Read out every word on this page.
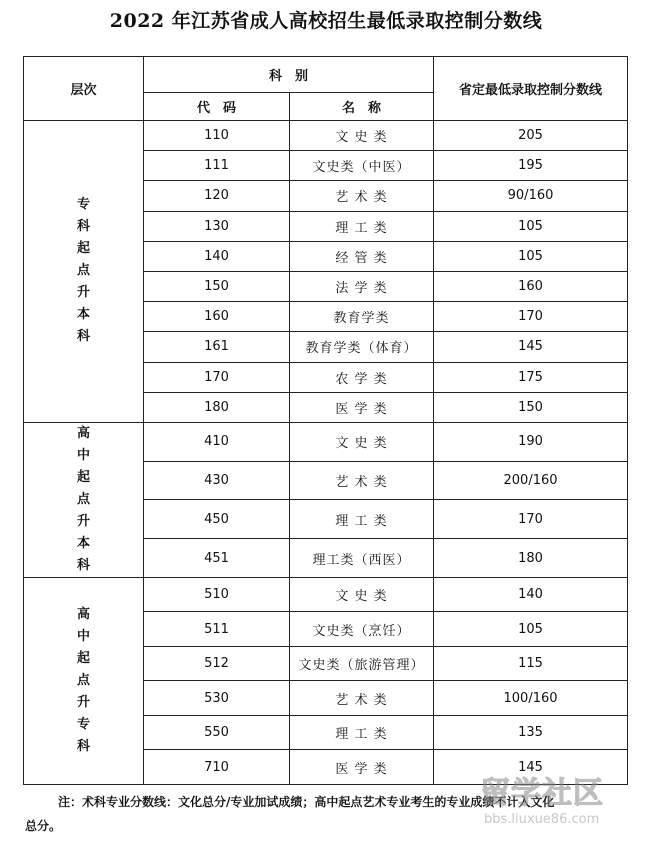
2022 年江苏省成人高校招生最低录取控制分数线
层次	科　别		省定最低录取控制分数线
	代　码	名　称	
专科起点升本科	110	文 史 类	205
	111	文史类（中医）	195
	120	艺 术 类	90/160
	130	理 工 类	105
	140	经 管 类	105
	150	法 学 类	160
	160	教育学类	170
	161	教育学类（体育）	145
	170	农 学 类	175
	180	医 学 类	150
高中起点升本科	410	文 史 类	190
	430	艺 术 类	200/160
	450	理 工 类	170
	451	理工类（西医）	180
高中起点升专科	510	文 史 类	140
	511	文史类（烹饪）	105
	512	文史类（旅游管理）	115
	530	艺 术 类	100/160
	550	理 工 类	135
	710	医 学 类	145
注：术科专业分数线：文化总分/专业加试成绩；高中起点艺术专业考生的专业成绩不计入文化
总分。
留学社区
bbs.liuxue86.com
